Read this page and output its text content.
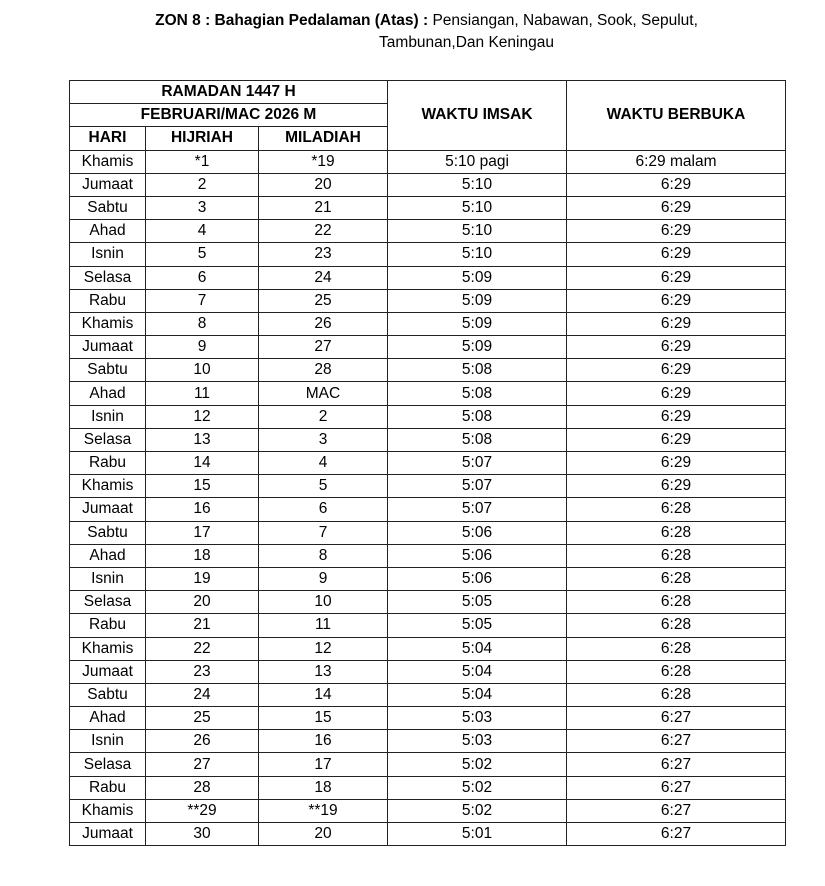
ZON 8 : Bahagian Pedalaman (Atas) : Pensiangan, Nabawan, Sook, Sepulut,
Tambunan,Dan Keningau
RAMADAN 1447 H			WAKTU IMSAK	WAKTU BERBUKA
FEBRUARI/MAC 2026 M				
HARI	HIJRIAH	MILADIAH		
Khamis	*1	*19	5:10 pagi	6:29 malam
Jumaat	2	20	5:10	6:29
Sabtu	3	21	5:10	6:29
Ahad	4	22	5:10	6:29
Isnin	5	23	5:10	6:29
Selasa	6	24	5:09	6:29
Rabu	7	25	5:09	6:29
Khamis	8	26	5:09	6:29
Jumaat	9	27	5:09	6:29
Sabtu	10	28	5:08	6:29
Ahad	11	MAC	5:08	6:29
Isnin	12	2	5:08	6:29
Selasa	13	3	5:08	6:29
Rabu	14	4	5:07	6:29
Khamis	15	5	5:07	6:29
Jumaat	16	6	5:07	6:28
Sabtu	17	7	5:06	6:28
Ahad	18	8	5:06	6:28
Isnin	19	9	5:06	6:28
Selasa	20	10	5:05	6:28
Rabu	21	11	5:05	6:28
Khamis	22	12	5:04	6:28
Jumaat	23	13	5:04	6:28
Sabtu	24	14	5:04	6:28
Ahad	25	15	5:03	6:27
Isnin	26	16	5:03	6:27
Selasa	27	17	5:02	6:27
Rabu	28	18	5:02	6:27
Khamis	**29	**19	5:02	6:27
Jumaat	30	20	5:01	6:27
